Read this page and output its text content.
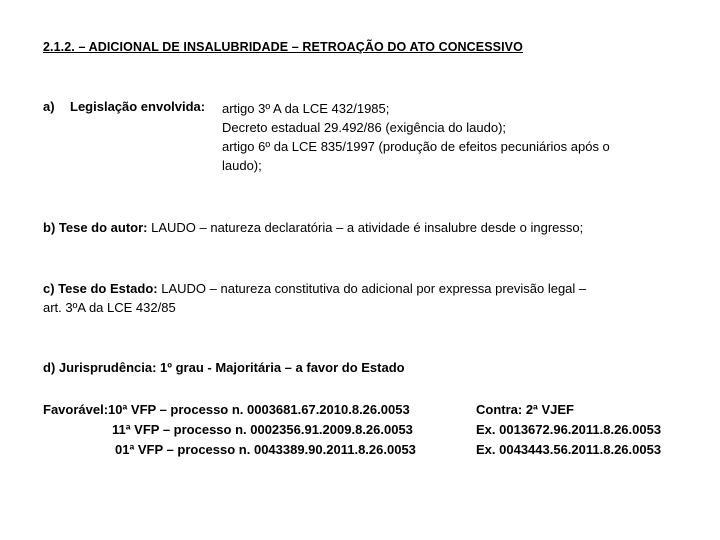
2.1.2. – ADICIONAL DE INSALUBRIDADE – RETROAÇÃO DO ATO CONCESSIVO
a) Legislação envolvida: artigo 3º A da LCE 432/1985;
Decreto estadual 29.492/86 (exigência do laudo);
artigo 6º da LCE 835/1997 (produção de efeitos pecuniários após o
laudo);
b) Tese do autor: LAUDO – natureza declaratória – a atividade é insalubre desde o ingresso;
c) Tese do Estado: LAUDO – natureza constitutiva do adicional por expressa previsão legal –
art. 3ºA da LCE 432/85
d) Jurisprudência: 1º grau - Majoritária – a favor do Estado
Favorável:10ª VFP – processo n. 0003681.67.2010.8.26.0053
11ª VFP – processo n. 0002356.91.2009.8.26.0053
01ª VFP – processo n. 0043389.90.2011.8.26.0053
Contra: 2ª VJEF
Ex. 0013672.96.2011.8.26.0053
Ex. 0043443.56.2011.8.26.0053
